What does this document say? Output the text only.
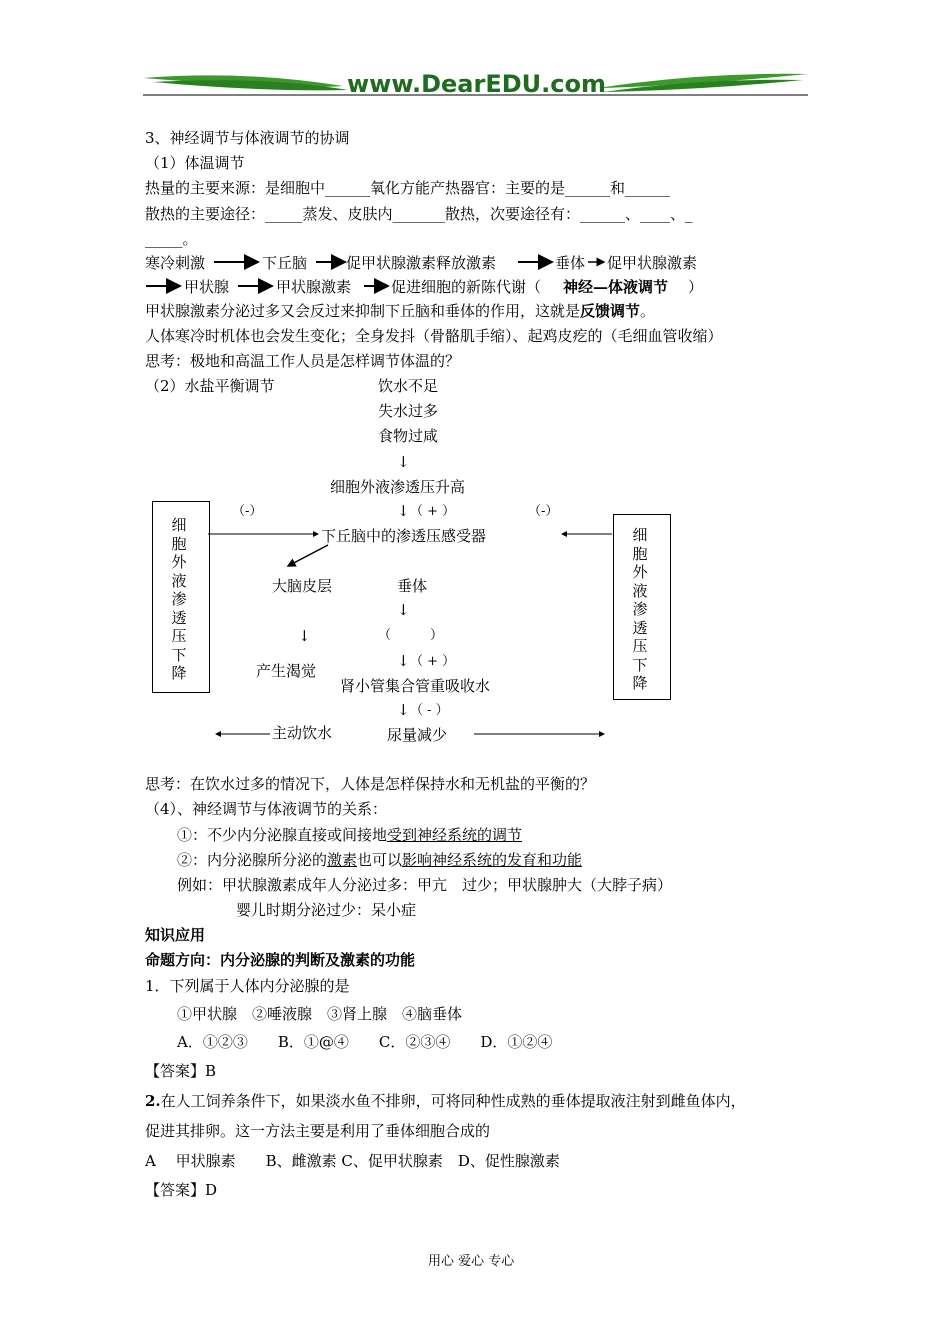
www.DearEDU.com
3、神经调节与体液调节的协调
（1）体温调节
热量的主要来源：是细胞中______氧化方能产热器官：主要的是______和______
散热的主要途径：_____蒸发、皮肤内_______散热，次要途径有：______、____、_
_____。
寒冷刺激	下丘脑	促甲状腺激素释放激素	垂体 促甲状腺激素
甲状腺	甲状腺激素	促进细胞的新陈代谢（ 神经—体液调节 ）
甲状腺激素分泌过多又会反过来抑制下丘脑和垂体的作用，这就是反馈调节。
人体寒冷时机体也会发生变化；全身发抖（骨骼肌手缩）、起鸡皮疙的（毛细血管收缩）
思考：极地和高温工作人员是怎样调节体温的？
（2）水盐平衡调节	饮水不足
失水过多
食物过咸
↓
细胞外液渗透压升高
（-）	↓ （ + ）	（-）
下丘脑中的渗透压感受器
大脑皮层	垂体
↓
↓	（　　　）
↓ （ + ）
产生渴觉
肾小管集合管重吸收水
↓ （ - ）
主动饮水	尿量减少
细胞外液渗透压下降
细胞外液渗透压下降
思考：在饮水过多的情况下，人体是怎样保持水和无机盐的平衡的？
（4）、神经调节与体液调节的关系：
①：不少内分泌腺直接或间接地受到神经系统的调节
②：内分泌腺所分泌的激素也可以影响神经系统的发育和功能
例如：甲状腺激素成年人分泌过多：甲亢　过少；甲状腺肿大（大脖子病）
婴儿时期分泌过少：呆小症
知识应用
命题方向：内分泌腺的判断及激素的功能
1．下列属于人体内分泌腺的是
①甲状腺　②唾液腺　③肾上腺　④脑垂体
A．①②③　　B．①@④　　C．②③④　　D．①②④
【答案】B
2.在人工饲养条件下，如果淡水鱼不排卵，可将同种性成熟的垂体提取液注射到雌鱼体内，
促进其排卵。这一方法主要是利用了垂体细胞合成的
A　 甲状腺素　　B、雌激素 C、促甲状腺素　D、促性腺激素
【答案】D
用心 爱心 专心
